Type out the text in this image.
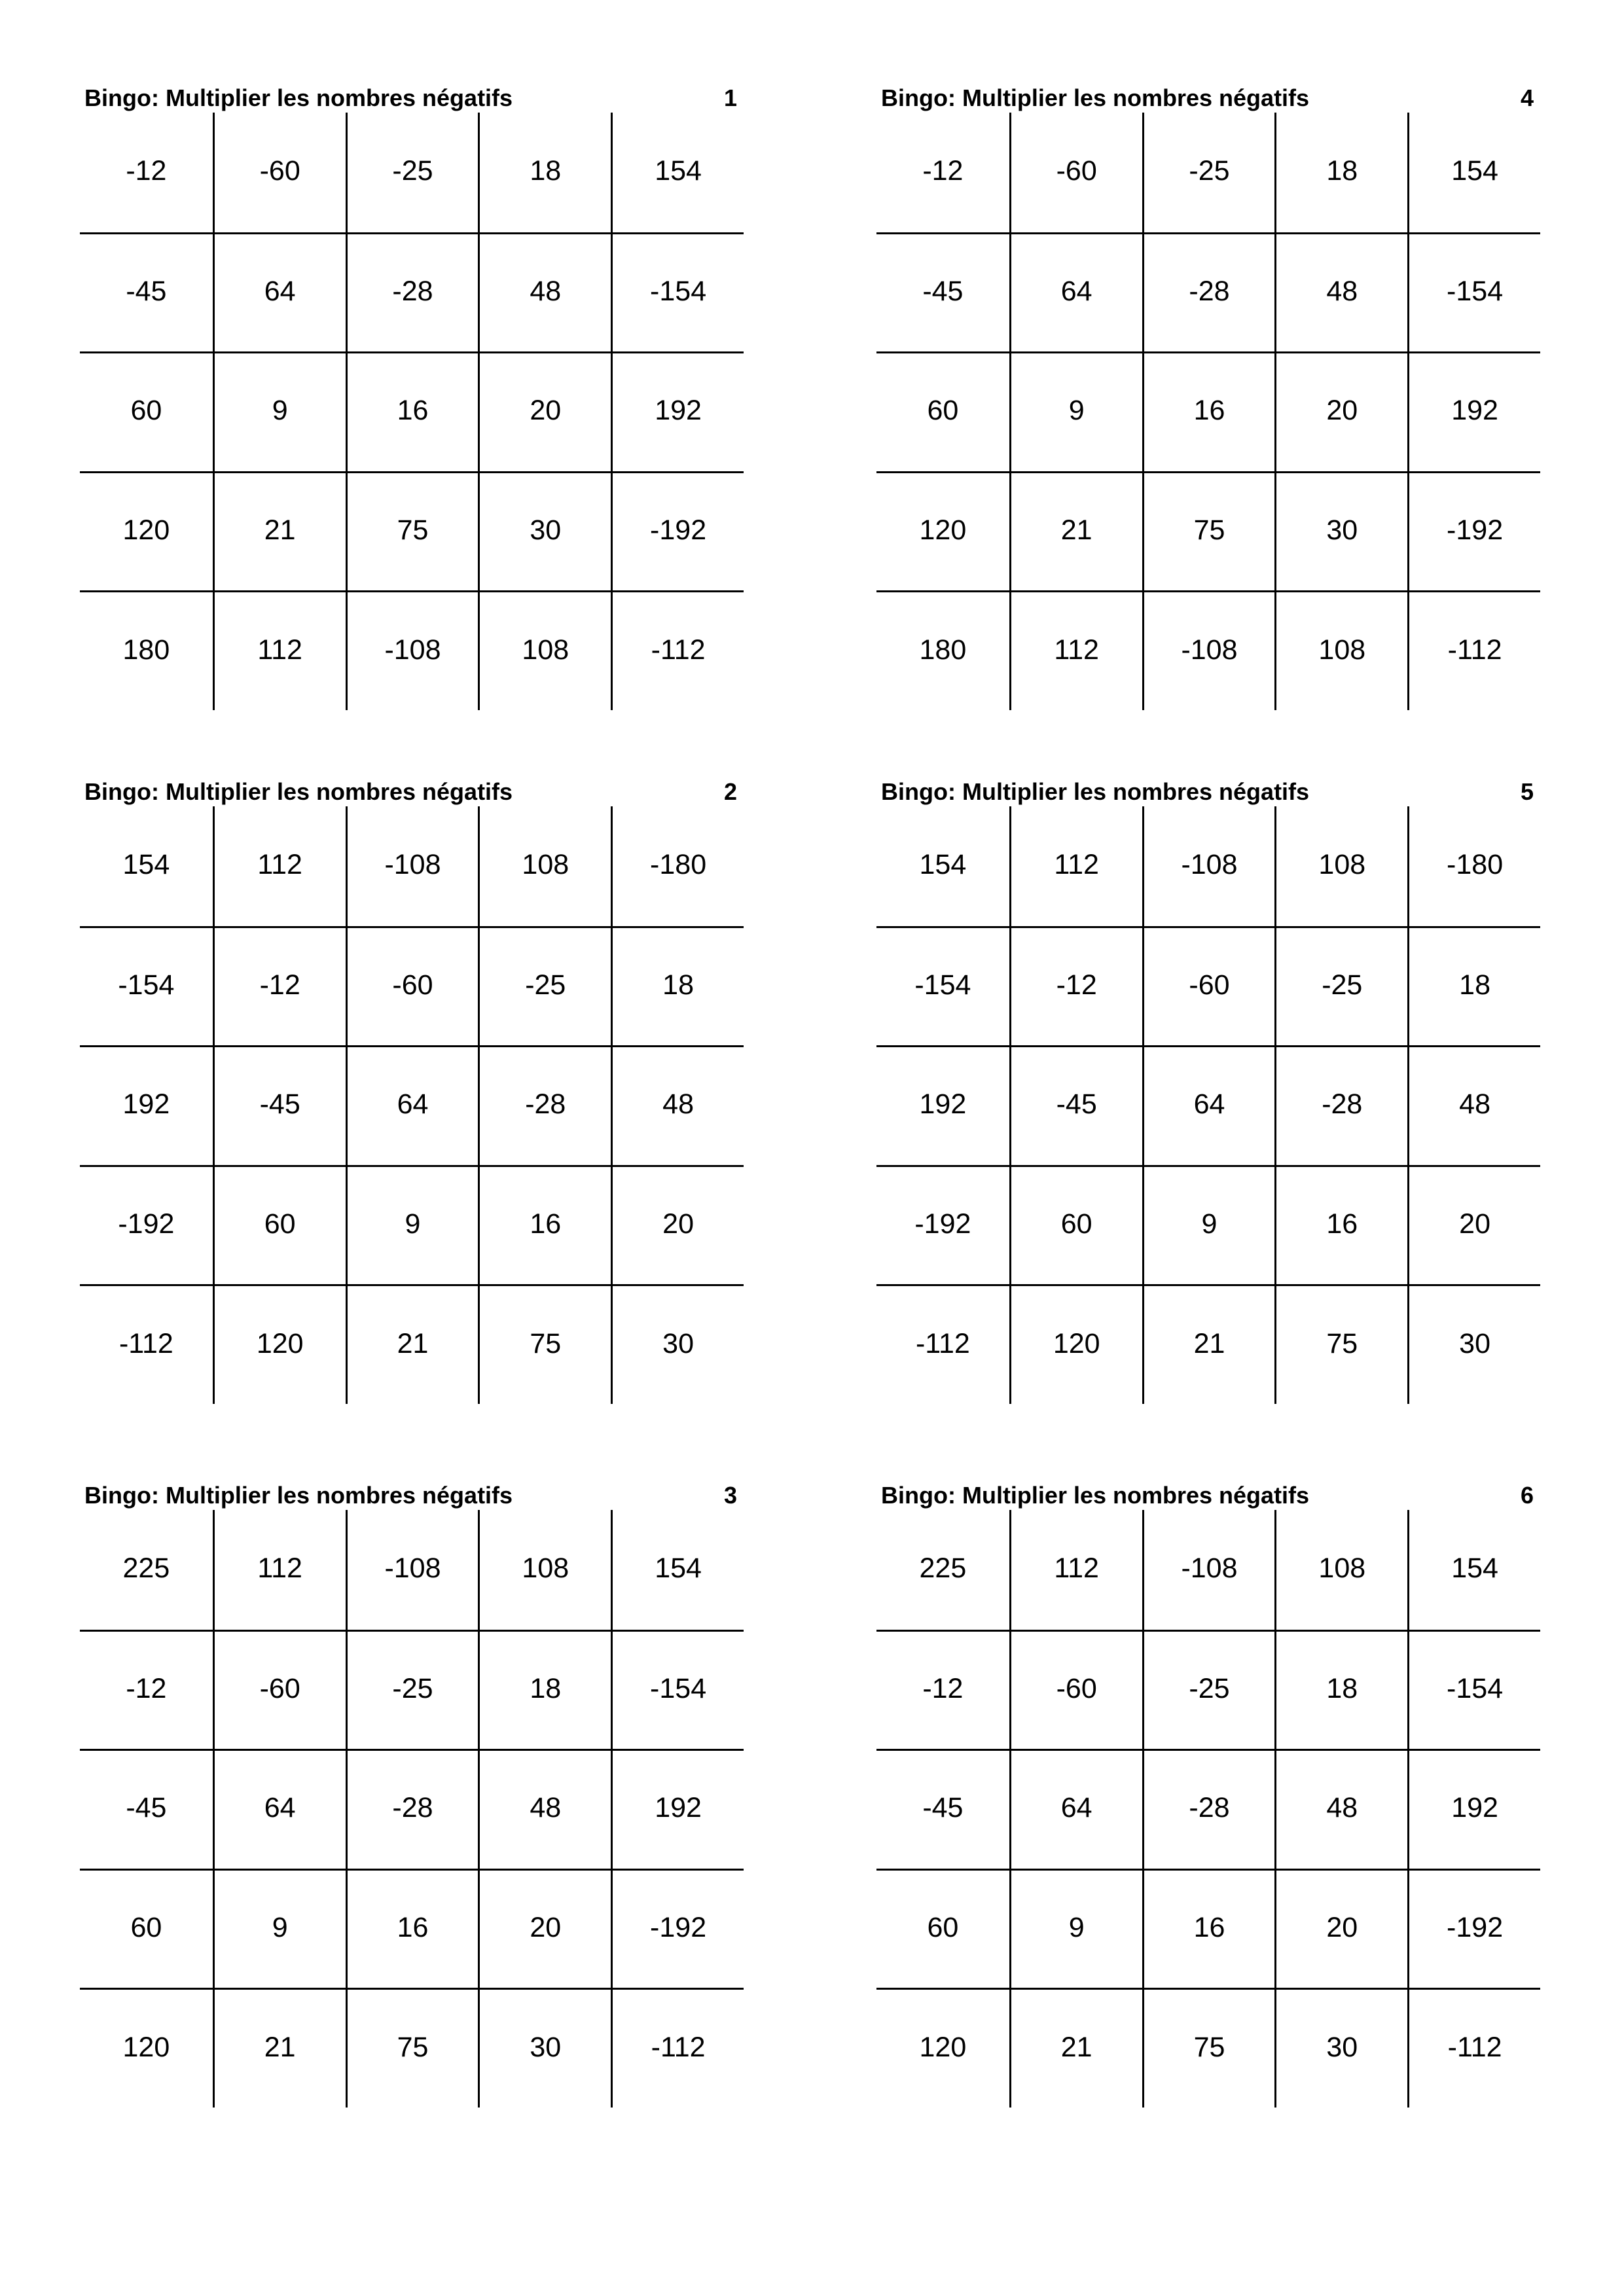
Bingo: Multiplier les nombres négatifs	1
-12	-60	-25	18	154
-45	64	-28	48	-154
60	9	16	20	192
120	21	75	30	-192
180	112	-108	108	-112
Bingo: Multiplier les nombres négatifs	4
-12	-60	-25	18	154
-45	64	-28	48	-154
60	9	16	20	192
120	21	75	30	-192
180	112	-108	108	-112
Bingo: Multiplier les nombres négatifs	2
154	112	-108	108	-180
-154	-12	-60	-25	18
192	-45	64	-28	48
-192	60	9	16	20
-112	120	21	75	30
Bingo: Multiplier les nombres négatifs	5
154	112	-108	108	-180
-154	-12	-60	-25	18
192	-45	64	-28	48
-192	60	9	16	20
-112	120	21	75	30
Bingo: Multiplier les nombres négatifs	3
225	112	-108	108	154
-12	-60	-25	18	-154
-45	64	-28	48	192
60	9	16	20	-192
120	21	75	30	-112
Bingo: Multiplier les nombres négatifs	6
225	112	-108	108	154
-12	-60	-25	18	-154
-45	64	-28	48	192
60	9	16	20	-192
120	21	75	30	-112
